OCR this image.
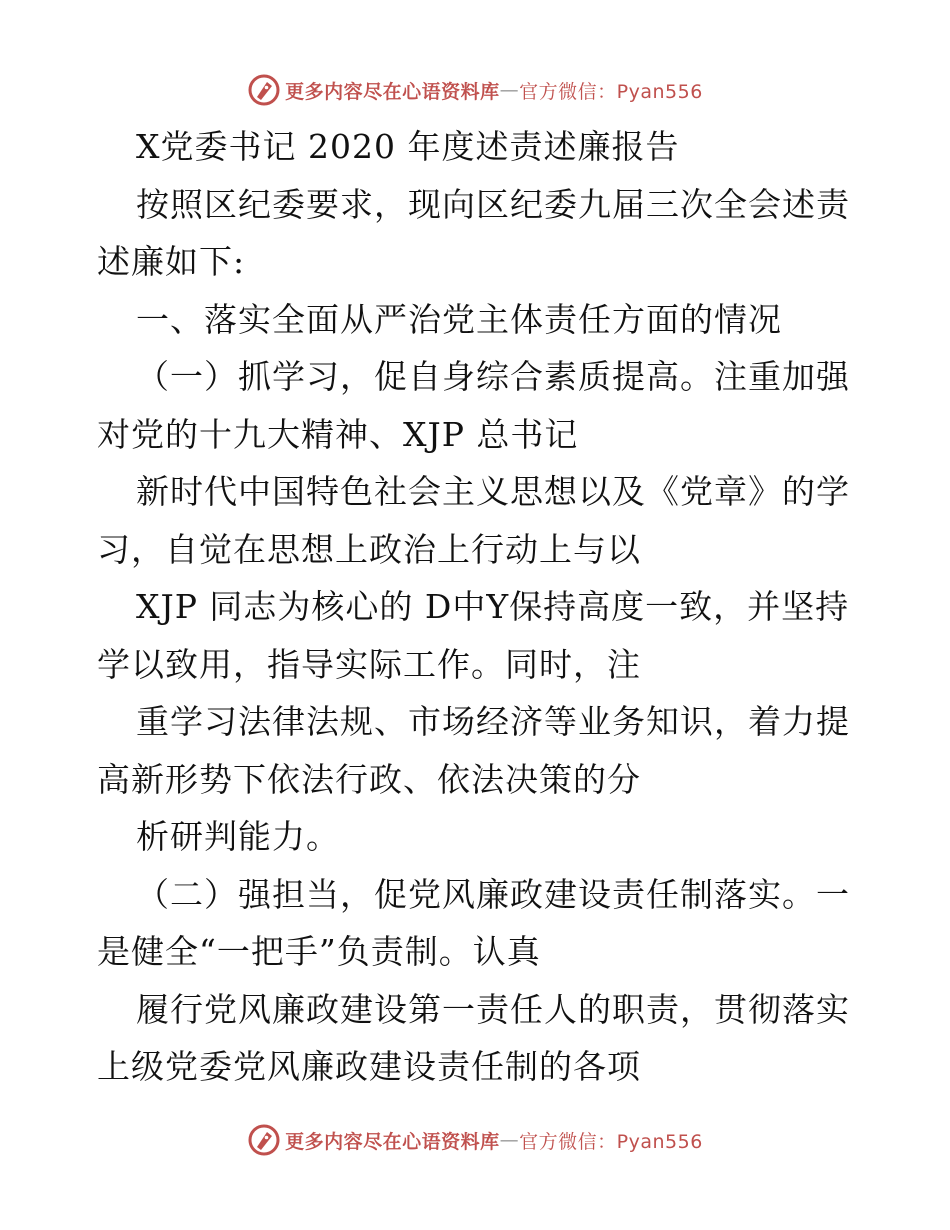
更多内容尽在心语资料库 — 官方微信：Pyan556
X党委书记 2020 年度述责述廉报告
按照区纪委要求，现向区纪委九届三次全会述责
述廉如下:
一、落实全面从严治党主体责任方面的情况
（一）抓学习，促自身综合素质提高。注重加强
对党的十九大精神、XJP 总书记
新时代中国特色社会主义思想以及《党章》的学
习，自觉在思想上政治上行动上与以
XJP 同志为核心的 D中Y保持高度一致，并坚持
学以致用，指导实际工作。同时，注
重学习法律法规、市场经济等业务知识，着力提
高新形势下依法行政、依法决策的分
析研判能力。
（二）强担当，促党风廉政建设责任制落实。一
是健全“一把手”负责制。认真
履行党风廉政建设第一责任人的职责，贯彻落实
上级党委党风廉政建设责任制的各项
更多内容尽在心语资料库 — 官方微信：Pyan556
